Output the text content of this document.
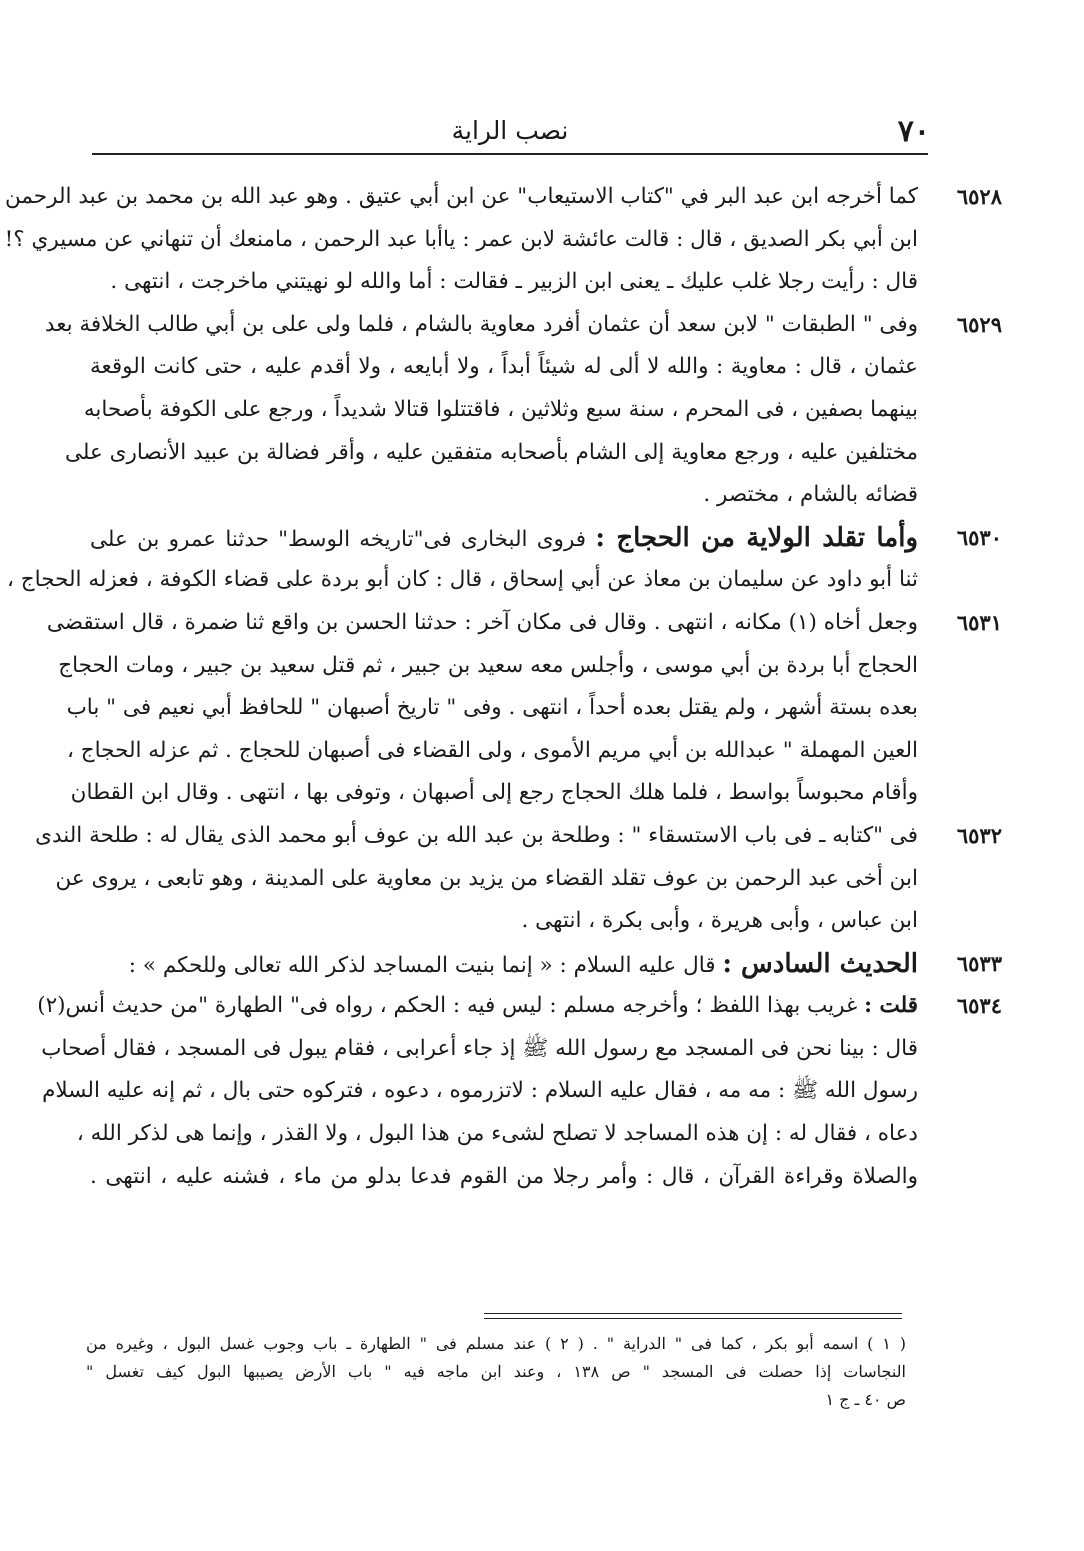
٧٠
نصب الراية
٦٥٢٨
كما أخرجه ابن عبد البر في "كتاب الاستيعاب" عن ابن أبي عتيق . وهو عبد الله بن محمد بن عبد الرحمن
ابن أبي بكر الصديق ، قال : قالت عائشة لابن عمر : ياأبا عبد الرحمن ، مامنعك أن تنهاني عن مسيري ؟!
قال : رأيت رجلا غلب عليك ـ يعنى ابن الزبير ـ فقالت : أما والله لو نهيتني ماخرجت ، انتهى .
٦٥٢٩
وفى " الطبقات " لابن سعد أن عثمان أفرد معاوية بالشام ، فلما ولى على بن أبي طالب الخلافة بعد
عثمان ، قال : معاوية : والله لا ألى له شيئاً أبداً ، ولا أبايعه ، ولا أقدم عليه ، حتى كانت الوقعة
بينهما بصفين ، فى المحرم ، سنة سبع وثلاثين ، فاقتتلوا قتالا شديداً ، ورجع على الكوفة بأصحابه
مختلفين عليه ، ورجع معاوية إلى الشام بأصحابه متفقين عليه ، وأقر فضالة بن عبيد الأنصارى على
قضائه بالشام ، مختصر .
٦٥٣٠
وأما تقلد الولاية من الحجاج : فروى البخارى فى"تاريخه الوسط" حدثنا عمرو بن على
ثنا أبو داود عن سليمان بن معاذ عن أبي إسحاق ، قال : كان أبو بردة على قضاء الكوفة ، فعزله الحجاج ،
٦٥٣١
وجعل أخاه (١) مكانه ، انتهى . وقال فى مكان آخر : حدثنا الحسن بن واقع ثنا ضمرة ، قال استقضى
الحجاج أبا بردة بن أبي موسى ، وأجلس معه سعيد بن جبير ، ثم قتل سعيد بن جبير ، ومات الحجاج
بعده بستة أشهر ، ولم يقتل بعده أحداً ، انتهى . وفى " تاريخ أصبهان " للحافظ أبي نعيم فى " باب
العين المهملة " عبدالله بن أبي مريم الأموى ، ولى القضاء فى أصبهان للحجاج . ثم عزله الحجاج ،
وأقام محبوساً بواسط ، فلما هلك الحجاج رجع إلى أصبهان ، وتوفى بها ، انتهى . وقال ابن القطان
٦٥٣٢
فى "كتابه ـ فى باب الاستسقاء " : وطلحة بن عبد الله بن عوف أبو محمد الذى يقال له : طلحة الندى
ابن أخى عبد الرحمن بن عوف تقلد القضاء من يزيد بن معاوية على المدينة ، وهو تابعى ، يروى عن
ابن عباس ، وأبى هريرة ، وأبى بكرة ، انتهى .
٦٥٣٣
الحديث السادس : قال عليه السلام : « إنما بنيت المساجد لذكر الله تعالى وللحكم » :
٦٥٣٤
قلت : غريب بهذا اللفظ ؛ وأخرجه مسلم : ليس فيه : الحكم ، رواه فى" الطهارة "من حديث أنس(٢)
قال : بينا نحن فى المسجد مع رسول الله ﷺ إذ جاء أعرابى ، فقام يبول فى المسجد ، فقال أصحاب
رسول الله ﷺ : مه مه ، فقال عليه السلام : لاتزرموه ، دعوه ، فتركوه حتى بال ، ثم إنه عليه السلام
دعاه ، فقال له : إن هذه المساجد لا تصلح لشىء من هذا البول ، ولا القذر ، وإنما هى لذكر الله ،
والصلاة وقراءة القرآن ، قال : وأمر رجلا من القوم فدعا بدلو من ماء ، فشنه عليه ، انتهى .
( ١ ) اسمه أبو بكر ، كما فى " الدراية " . ( ٢ ) عند مسلم فى " الطهارة ـ باب وجوب غسل البول ، وغيره من
النجاسات إذا حصلت فى المسجد " ص ١٣٨ ، وعند ابن ماجه فيه " باب الأرض يصيبها البول كيف تغسل "
ص ٤٠ ـ ج ١
